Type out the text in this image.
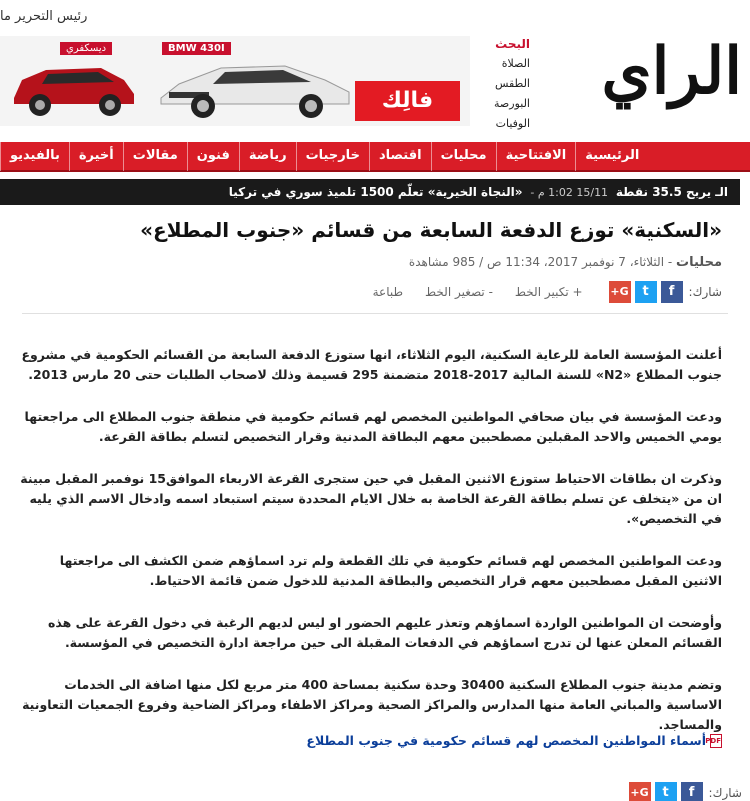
رئيس التحرير ما
الراي
البحث
الصلاة
الطقس
البورصة
الوفيات
ديسكفري	BMW 430I
فالِك
الرئيسية
الافتتاحية
محليات
اقتصاد
خارجيات
رياضة
فنون
مقالات
أخيرة
بالفيديو
الـ يربح 35.5 نقطة 15/11 1:02 م - «النجاة الخيرية» تعلّم 1500 تلميذ سوري في تركيا
«السكنية» توزع الدفعة السابعة من قسائم «جنوب المطلاع»
محليات - الثلاثاء، 7 نوفمبر 2017، 11:34 ص / 985 مشاهدة
شارك:
f
t
G+
+ تكبير الخط
- تصغير الخط
طباعة

أعلنت المؤسسة العامة للرعاية السكنية، اليوم الثلاثاء، انها ستوزع الدفعة السابعة من القسائم الحكومية في مشروع جنوب المطلاع «N2» للسنة المالية 2017-2018 متضمنة 295 قسيمة وذلك لاصحاب الطلبات حتى 20 مارس 2013.

ودعت المؤسسة في بيان صحافي المواطنين المخصص لهم قسائم حكومية في منطقة جنوب المطلاع الى مراجعتها يومي الخميس والاحد المقبلين مصطحبين معهم البطاقة المدنية وقرار التخصيص لتسلم بطاقة القرعة.

وذكرت ان بطاقات الاحتياط ستوزع الاثنين المقبل في حين ستجرى القرعة الاربعاء الموافق15 نوفمبر المقبل مبينة ان من «يتخلف عن تسلم بطاقة القرعة الخاصة به خلال الايام المحددة سيتم استبعاد اسمه وادخال الاسم الذي يليه في التخصيص».

ودعت المواطنين المخصص لهم قسائم حكومية في تلك القطعة ولم ترد اسماؤهم ضمن الكشف الى مراجعتها الاثنين المقبل مصطحبين معهم قرار التخصيص والبطاقة المدنية للدخول ضمن قائمة الاحتياط.

وأوضحت ان المواطنين الواردة اسماؤهم وتعذر عليهم الحضور او ليس لديهم الرغبة في دخول القرعة على هذه القسائم المعلن عنها لن تدرج اسماؤهم في الدفعات المقبلة الى حين مراجعة ادارة التخصيص في المؤسسة.

وتضم مدينة جنوب المطلاع السكنية 30400 وحدة سكنية بمساحة 400 متر مربع لكل منها اضافة الى الخدمات الاساسية والمباني العامة منها المدارس والمراكز الصحية ومراكز الاطفاء ومراكز الضاحية وفروع الجمعيات التعاونية والمساجد.

PDF
أسماء المواطنين المخصص لهم قسائم حكومية في جنوب المطلاع
شارك:
f
t
G+
